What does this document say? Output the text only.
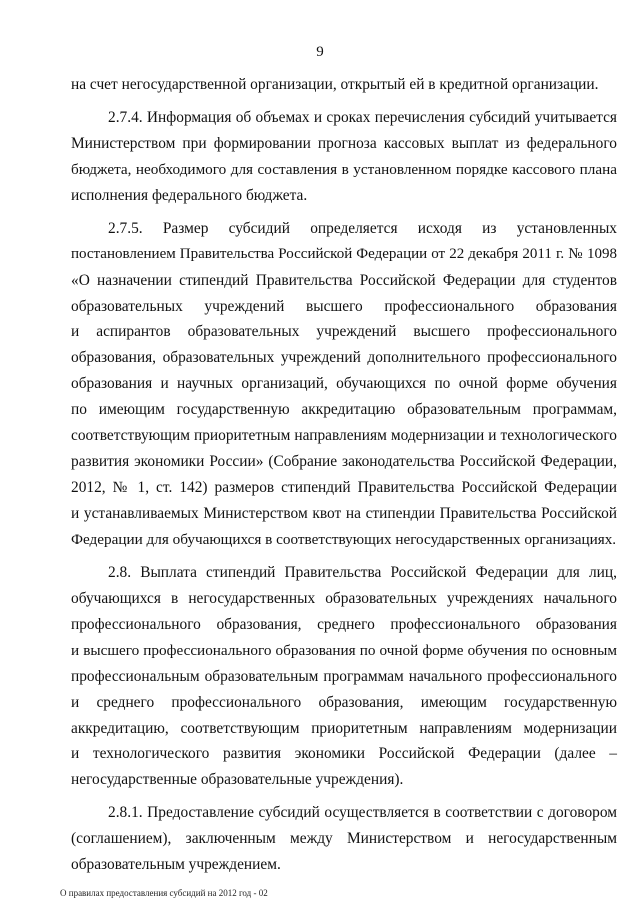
9
на счет негосударственной организации, открытый ей в кредитной организации.
2.7.4. Информация об объемах и сроках перечисления субсидий учитывается
Министерством при формировании прогноза кассовых выплат из федерального
бюджета, необходимого для составления в установленном порядке кассового плана
исполнения федерального бюджета.
2.7.5. Размер субсидий определяется исходя из установленных
постановлением Правительства Российской Федерации от 22 декабря 2011 г. № 1098
«О назначении стипендий Правительства Российской Федерации для студентов
образовательных учреждений высшего профессионального образования
и аспирантов образовательных учреждений высшего профессионального
образования, образовательных учреждений дополнительного профессионального
образования и научных организаций, обучающихся по очной форме обучения
по имеющим государственную аккредитацию образовательным программам,
соответствующим приоритетным направлениям модернизации и технологического
развития экономики России» (Собрание законодательства Российской Федерации,
2012, № 1, ст. 142) размеров стипендий Правительства Российской Федерации
и устанавливаемых Министерством квот на стипендии Правительства Российской
Федерации для обучающихся в соответствующих негосударственных организациях.
2.8. Выплата стипендий Правительства Российской Федерации для лиц,
обучающихся в негосударственных образовательных учреждениях начального
профессионального образования, среднего профессионального образования
и высшего профессионального образования по очной форме обучения по основным
профессиональным образовательным программам начального профессионального
и среднего профессионального образования, имеющим государственную
аккредитацию, соответствующим приоритетным направлениям модернизации
и технологического развития экономики Российской Федерации (далее –
негосударственные образовательные учреждения).
2.8.1. Предоставление субсидий осуществляется в соответствии с договором
(соглашением), заключенным между Министерством и негосударственным
образовательным учреждением.
О правилах предоставления субсидий на 2012 год - 02
